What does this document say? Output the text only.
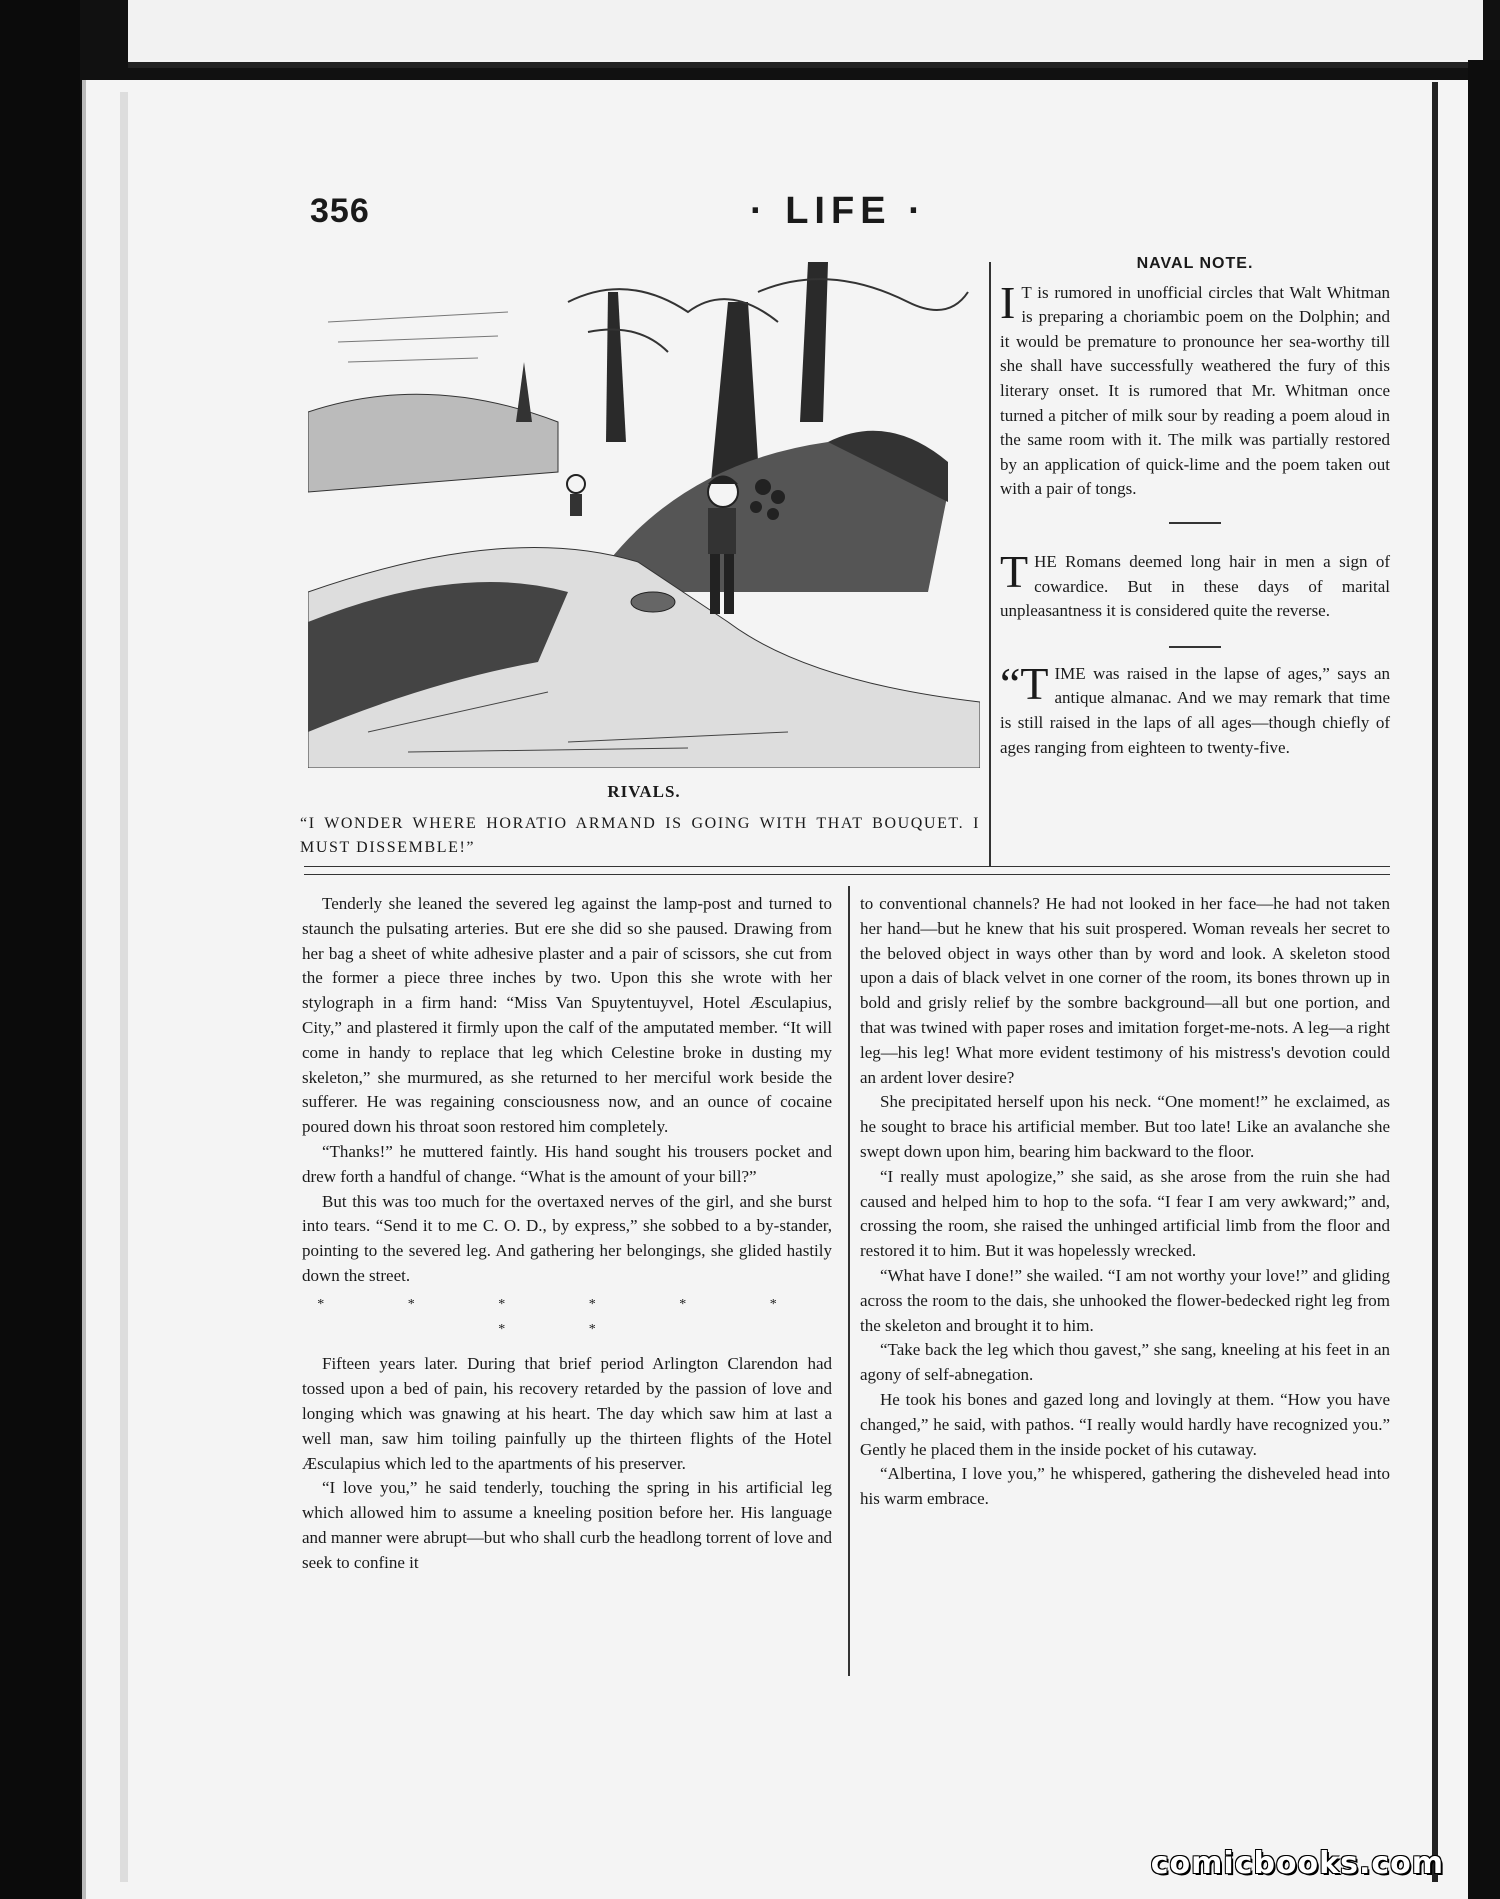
356	· LIFE ·

RIVALS.

“I WONDER WHERE HORATIO ARMAND IS GOING WITH THAT BOUQUET. I MUST DISSEMBLE!”

NAVAL NOTE.

I T is rumored in unofficial circles that Walt Whitman is preparing a choriambic poem on the Dolphin; and it would be premature to pronounce her sea-worthy till she shall have successfully weathered the fury of this literary onset. It is rumored that Mr. Whitman once turned a pitcher of milk sour by reading a poem aloud in the same room with it. The milk was partially restored by an application of quick-lime and the poem taken out with a pair of tongs.

THE Romans deemed long hair in men a sign of cowardice. But in these days of marital unpleasantness it is considered quite the reverse.

“TIME was raised in the lapse of ages,” says an antique almanac. And we may remark that time is still raised in the laps of all ages—though chiefly of ages ranging from eighteen to twenty-five.

Tenderly she leaned the severed leg against the lamp-post and turned to staunch the pulsating arteries. But ere she did so she paused. Drawing from her bag a sheet of white adhesive plaster and a pair of scissors, she cut from the former a piece three inches by two. Upon this she wrote with her stylograph in a firm hand: “Miss Van Spuytentuyvel, Hotel Æsculapius, City,” and plastered it firmly upon the calf of the amputated member. “It will come in handy to replace that leg which Celestine broke in dusting my skeleton,” she murmured, as she returned to her merciful work beside the sufferer. He was regaining consciousness now, and an ounce of cocaine poured down his throat soon restored him completely.

“Thanks!” he muttered faintly. His hand sought his trousers pocket and drew forth a handful of change. “What is the amount of your bill?”

But this was too much for the overtaxed nerves of the girl, and she burst into tears. “Send it to me C. O. D., by express,” she sobbed to a by-stander, pointing to the severed leg. And gathering her belongings, she glided hastily down the street.

* * * * * * * *

Fifteen years later. During that brief period Arlington Clarendon had tossed upon a bed of pain, his recovery retarded by the passion of love and longing which was gnawing at his heart. The day which saw him at last a well man, saw him toiling painfully up the thirteen flights of the Hotel Æsculapius which led to the apartments of his preserver.

“I love you,” he said tenderly, touching the spring in his artificial leg which allowed him to assume a kneeling position before her. His language and manner were abrupt—but who shall curb the headlong torrent of love and seek to confine it

to conventional channels? He had not looked in her face—he had not taken her hand—but he knew that his suit prospered. Woman reveals her secret to the beloved object in ways other than by word and look. A skeleton stood upon a dais of black velvet in one corner of the room, its bones thrown up in bold and grisly relief by the sombre background—all but one portion, and that was twined with paper roses and imitation forget-me-nots. A leg—a right leg—his leg! What more evident testimony of his mistress's devotion could an ardent lover desire?

She precipitated herself upon his neck. “One moment!” he exclaimed, as he sought to brace his artificial member. But too late! Like an avalanche she swept down upon him, bearing him backward to the floor.

“I really must apologize,” she said, as she arose from the ruin she had caused and helped him to hop to the sofa. “I fear I am very awkward;” and, crossing the room, she raised the unhinged artificial limb from the floor and restored it to him. But it was hopelessly wrecked.

“What have I done!” she wailed. “I am not worthy your love!” and gliding across the room to the dais, she unhooked the flower-bedecked right leg from the skeleton and brought it to him.

“Take back the leg which thou gavest,” she sang, kneeling at his feet in an agony of self-abnegation.

He took his bones and gazed long and lovingly at them. “How you have changed,” he said, with pathos. “I really would hardly have recognized you.” Gently he placed them in the inside pocket of his cutaway.

“Albertina, I love you,” he whispered, gathering the disheveled head into his warm embrace.

comicbooks.com
